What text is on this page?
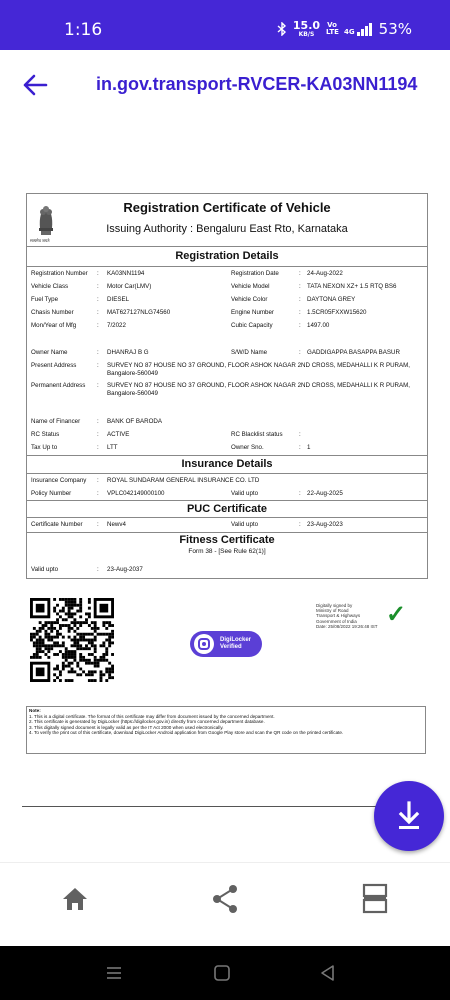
1:16	15.0
KB/S
Vo LTE 4G 53%
in.gov.transport-RVCER-KA03NN1194
सत्यमेव जयते
Registration Certificate of Vehicle
Issuing Authority : Bengaluru East Rto, Karnataka
Registration Details
Registration Number : KA03NN1194	Registration Date	: 24-Aug-2022
Vehicle Class	: Motor Car(LMV)	Vehicle Model	: TATA NEXON XZ+ 1.5 RTQ BS6
Fuel Type	: DIESEL	Vehicle Color	: DAYTONA GREY
Chasis Number	: MAT627127NLG74560	Engine Number	: 1.5CR05FXXW15620
Mon/Year of Mfg	: 7/2022	Cubic Capacity	: 1497.00
Owner Name	: DHANRAJ B G	S/W/D Name	: GADDIGAPPA BASAPPA BASUR
Present Address	: SURVEY NO 87 HOUSE NO 37 GROUND, FLOOR ASHOK NAGAR 2ND CROSS, MEDAHALLI K R PURAM, Bangalore-560049
Permanent Address : SURVEY NO 87 HOUSE NO 37 GROUND, FLOOR ASHOK NAGAR 2ND CROSS, MEDAHALLI K R PURAM, Bangalore-560049
Name of Financer	: BANK OF BARODA
RC Status	: ACTIVE	RC Blacklist status	:
Tax Up to	: LTT	Owner Sno.	: 1
Insurance Details
Insurance Company : ROYAL SUNDARAM GENERAL INSURANCE CO. LTD
Policy Number	: VPLC042149000100	Valid upto	: 22-Aug-2025
PUC Certificate
Certificate Number : Newv4	Valid upto	: 23-Aug-2023
Fitness Certificate
Form 38 - [See Rule 62(1)]
Valid upto	: 23-Aug-2037
DigiLocker
Verified
Digitally signed by
Ministry of Road
Transport & Highways
Government of India
Date: 25/08/2022 19:26:48 IST ✓
Note:
1. This is a digital certificate. The format of this certificate may differ from document issued by the concerned department.
2. This certificate is generated by DigiLocker (https://digilocker.gov.in) directly from concerned department database.
3. This digitally signed document is legally valid as per the IT Act 2000 when used electronically.
4. To verify the print out of this certificate, download DigiLocker Android application from Google Play store and scan the QR code on the printed certificate.
